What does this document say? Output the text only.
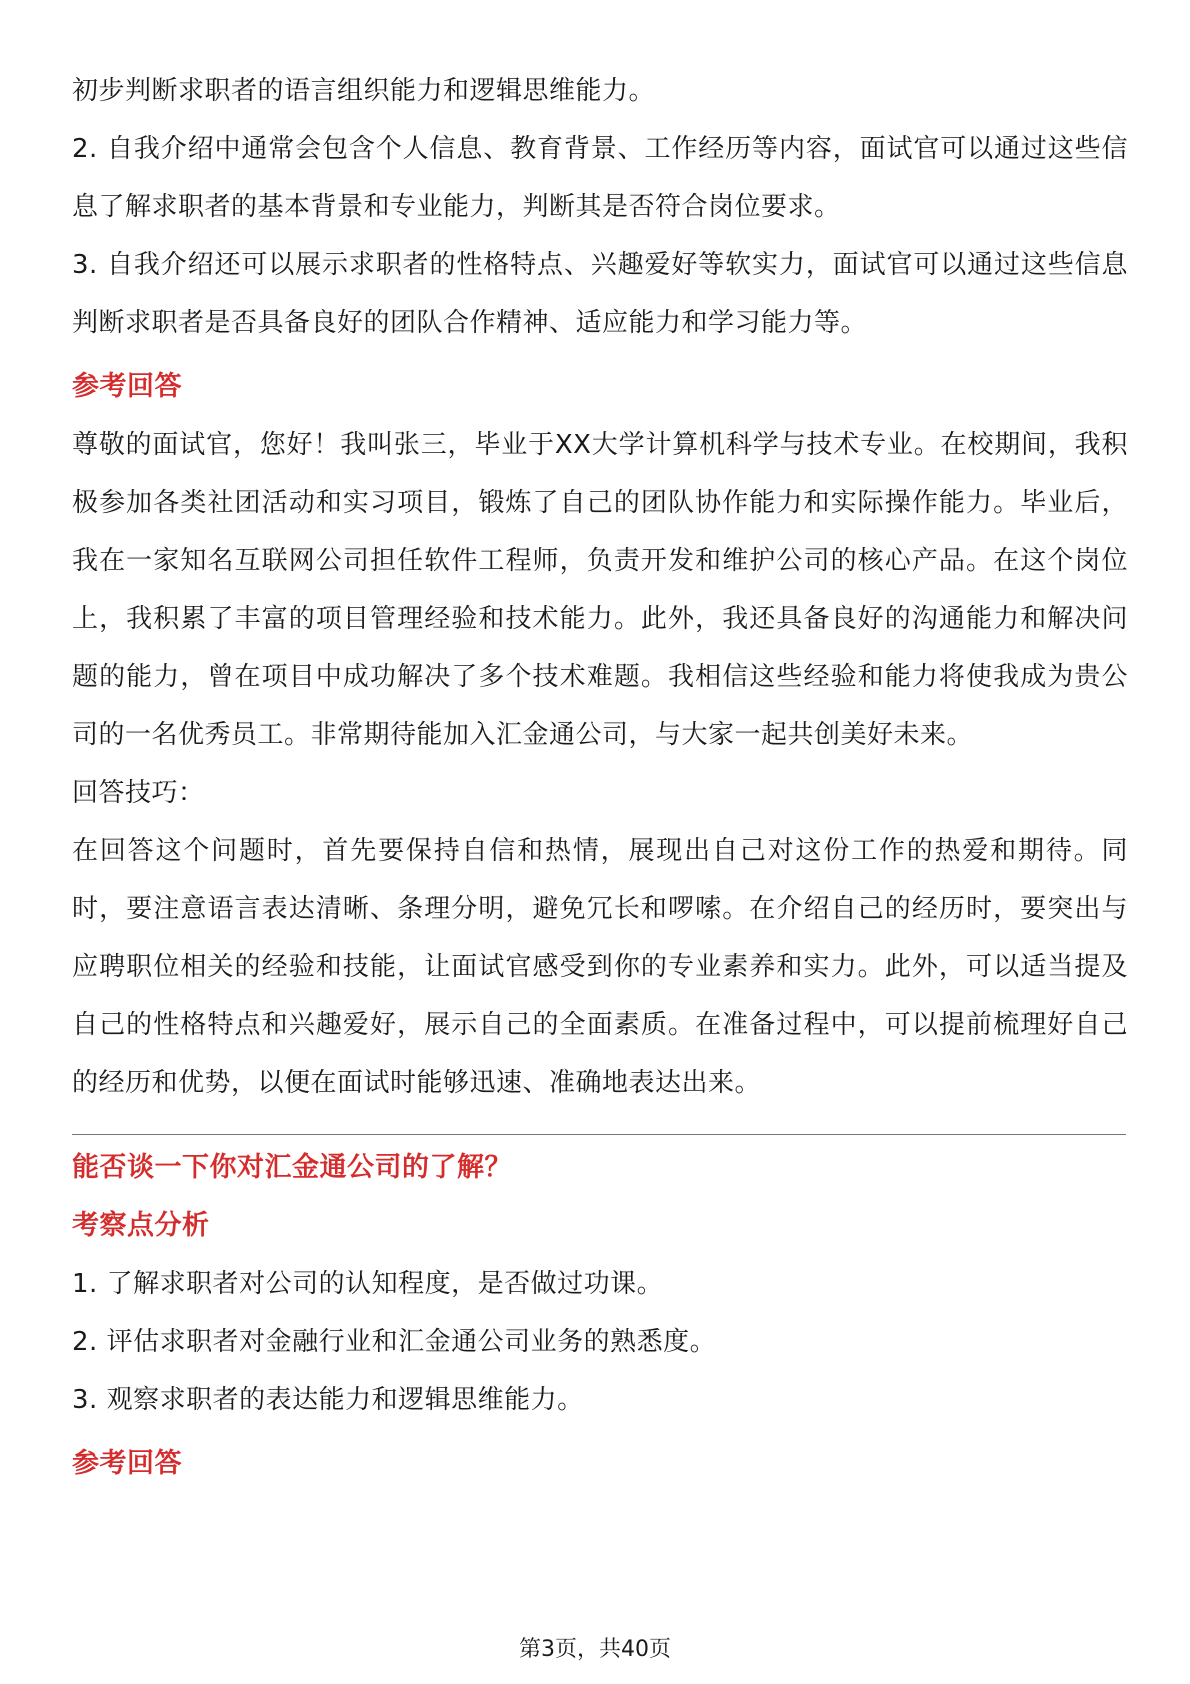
初步判断求职者的语言组织能力和逻辑思维能力。

2. 自我介绍中通常会包含个人信息、教育背景、工作经历等内容，面试官可以通过这些信息了解求职者的基本背景和专业能力，判断其是否符合岗位要求。

3. 自我介绍还可以展示求职者的性格特点、兴趣爱好等软实力，面试官可以通过这些信息判断求职者是否具备良好的团队合作精神、适应能力和学习能力等。

参考回答

尊敬的面试官，您好！我叫张三，毕业于XX大学计算机科学与技术专业。在校期间，我积极参加各类社团活动和实习项目，锻炼了自己的团队协作能力和实际操作能力。毕业后，我在一家知名互联网公司担任软件工程师，负责开发和维护公司的核心产品。在这个岗位上，我积累了丰富的项目管理经验和技术能力。此外，我还具备良好的沟通能力和解决问题的能力，曾在项目中成功解决了多个技术难题。我相信这些经验和能力将使我成为贵公司的一名优秀员工。非常期待能加入汇金通公司，与大家一起共创美好未来。

回答技巧：

在回答这个问题时，首先要保持自信和热情，展现出自己对这份工作的热爱和期待。同时，要注意语言表达清晰、条理分明，避免冗长和啰嗦。在介绍自己的经历时，要突出与应聘职位相关的经验和技能，让面试官感受到你的专业素养和实力。此外，可以适当提及自己的性格特点和兴趣爱好，展示自己的全面素质。在准备过程中，可以提前梳理好自己的经历和优势，以便在面试时能够迅速、准确地表达出来。

能否谈一下你对汇金通公司的了解？

考察点分析

1. 了解求职者对公司的认知程度，是否做过功课。

2. 评估求职者对金融行业和汇金通公司业务的熟悉度。

3. 观察求职者的表达能力和逻辑思维能力。

参考回答

第3页，共40页
